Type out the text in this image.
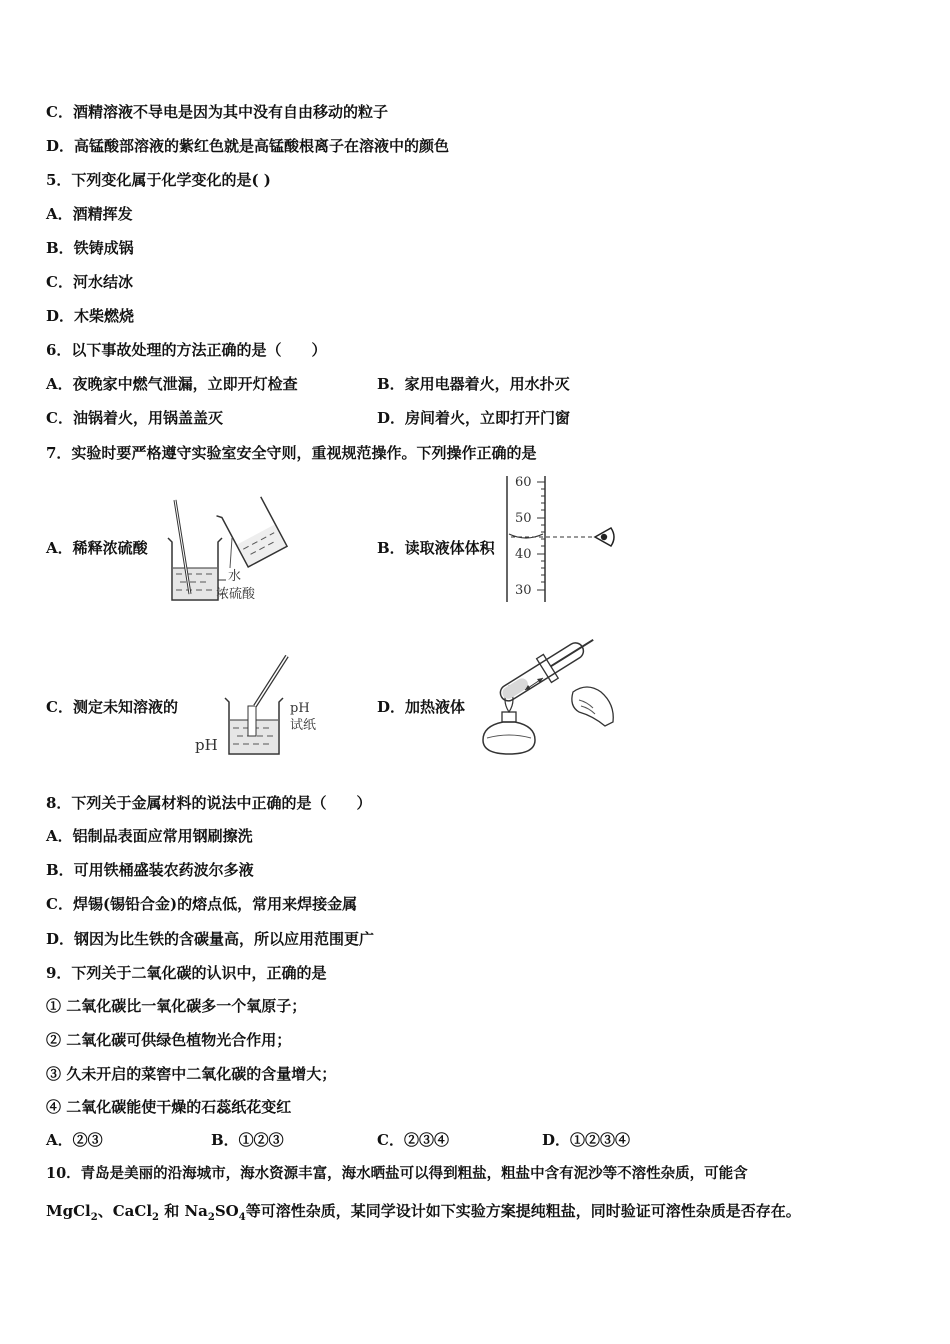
C．酒精溶液不导电是因为其中没有自由移动的粒子
D．高锰酸部溶液的紫红色就是高锰酸根离子在溶液中的颜色
5．下列变化属于化学变化的是( )
A．酒精挥发
B．铁铸成锅
C．河水结冰
D．木柴燃烧
6．以下事故处理的方法正确的是（　　）
A．夜晚家中燃气泄漏，立即开灯检查	B．家用电器着火，用水扑灭
C．油锅着火，用锅盖盖灭	D．房间着火，立即打开门窗
7．实验时要严格遵守实验室安全守则，重视规范操作。下列操作正确的是
A．稀释浓硫酸
水
浓硫酸
B．读取液体体积
60
50
40
30
C．测定未知溶液的	pH
试纸
pH
D．加热液体
8．下列关于金属材料的说法中正确的是（　　）
A．铝制品表面应常用钢刷擦洗
B．可用铁桶盛装农药波尔多液
C．焊锡(锡铅合金)的熔点低，常用来焊接金属
D．钢因为比生铁的含碳量高，所以应用范围更广
9．下列关于二氧化碳的认识中，正确的是
① 二氧化碳比一氧化碳多一个氧原子；
② 二氧化碳可供绿色植物光合作用；
③ 久未开启的菜窖中二氧化碳的含量增大；
④ 二氧化碳能使干燥的石蕊纸花变红
A．②③	B．①②③	C．②③④	D．①②③④
10．青岛是美丽的沿海城市，海水资源丰富，海水晒盐可以得到粗盐，粗盐中含有泥沙等不溶性杂质，可能含
MgCl$_2$、CaCl$_2$ 和 $Na_2SO_4$等可溶性杂质，某同学设计如下实验方案提纯粗盐，同时验证可溶性杂质是否存在。
